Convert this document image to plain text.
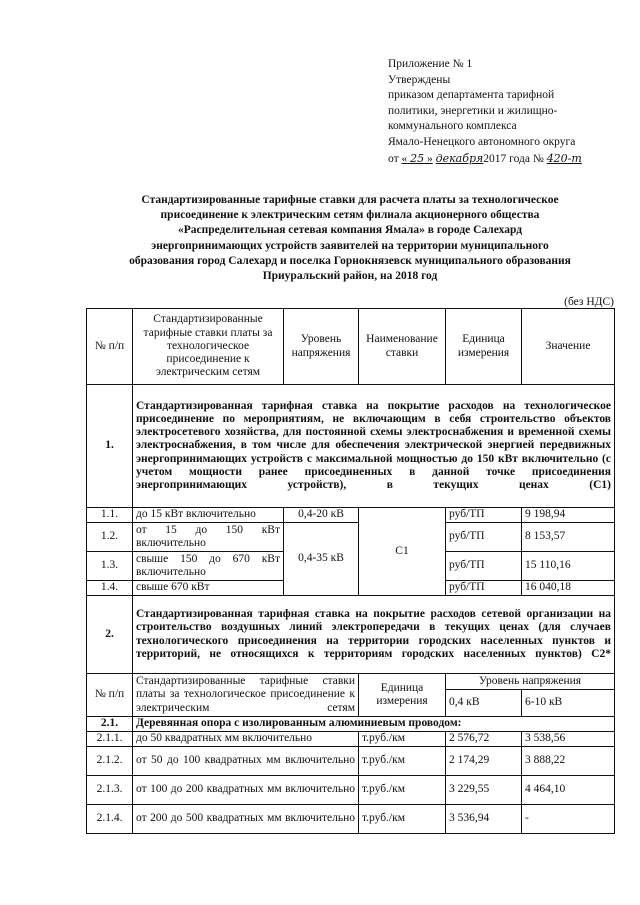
Приложение № 1
Утверждены
приказом департамента тарифной
политики, энергетики и жилищно-
коммунального комплекса
Ямало-Ненецкого автономного округа
от « 25 » декабря2017 года № 420-т
Стандартизированные тарифные ставки для расчета платы за технологическое
присоединение к электрическим сетям филиала акционерного общества
«Распределительная сетевая компания Ямала» в городе Салехард
энергопринимающих устройств заявителей на территории муниципального
образования город Салехард и поселка Горнокнязевск муниципального образования
Приуральский район, на 2018 год
(без НДС)
№ п/п	Стандартизированные тарифные ставки платы за технологическое присоединение к электрическим сетям	Уровень напряжения	Наименование ставки	Единица измерения	Значение
1.	Стандартизированная тарифная ставка на покрытие расходов на технологическое присоединение по мероприятиям, не включающим в себя строительство объектов электросетевого хозяйства, для постоянной схемы электроснабжения и временной схемы электроснабжения, в том числе для обеспечения электрической энергией передвижных энергопринимающих устройств с максимальной мощностью до 150 кВт включительно (с учетом мощности ранее присоединенных в данной точке присоединения энергопринимающих устройств), в текущих ценах (С1)				
1.1.	до 15 кВт включительно	0,4-20 кВ	С1	руб/ТП	9 198,94
1.2.	от 15 до 150 кВт включительно	0,4-35 кВ		руб/ТП	8 153,57
1.3.	свыше 150 до 670 кВт включительно			руб/ТП	15 110,16
1.4.	свыше 670 кВт			руб/ТП	16 040,18
2.	Стандартизированная тарифная ставка на покрытие расходов сетевой организации на строительство воздушных линий электропередачи в текущих ценах (для случаев технологического присоединения на территории городских населенных пунктов и территорий, не относящихся к территориям городских населенных пунктов) С2*				
№ п/п	Стандартизированные тарифные ставки платы за технологическое присоединение к электрическим сетям	Единица измерения	Уровень напряжения	
			0,4 кВ	6-10 кВ
2.1.	Деревянная опора с изолированным алюминиевым проводом:			
2.1.1.	до 50 квадратных мм включительно	т.руб./км	2 576,72	3 538,56
2.1.2.	от 50 до 100 квадратных мм включительно	т.руб./км	2 174,29	3 888,22
2.1.3.	от 100 до 200 квадратных мм включительно	т.руб./км	3 229,55	4 464,10
2.1.4.	от 200 до 500 квадратных мм включительно	т.руб./км	3 536,94	-
